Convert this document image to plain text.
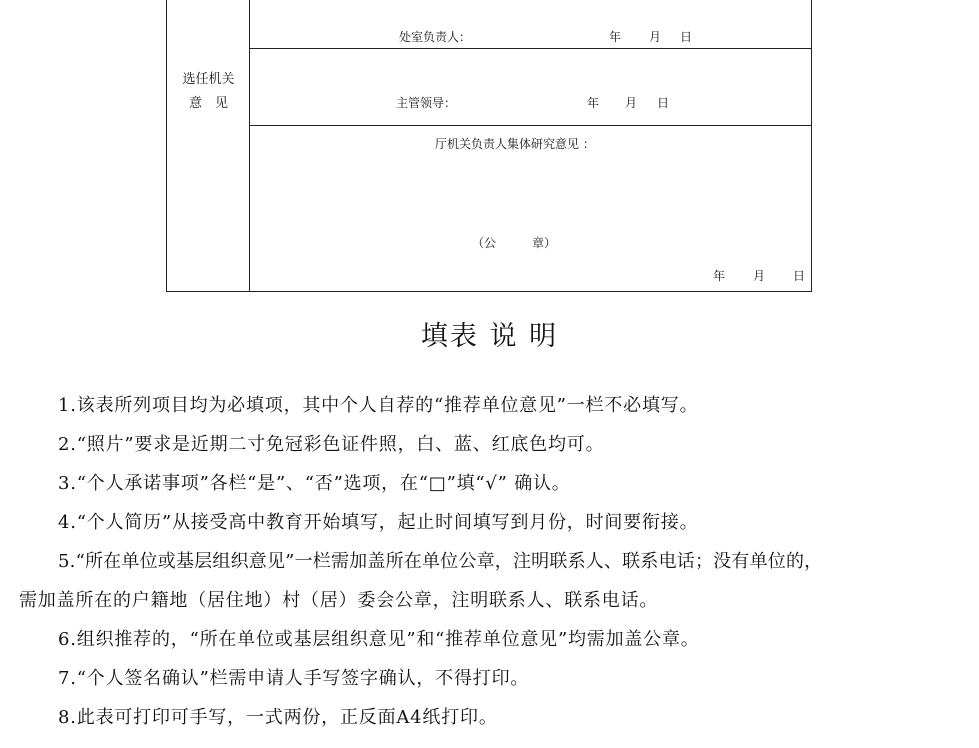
选任机关
意　见
处室负责人：	年 月 日
主管领导：	年 月 日
厅机关负责人集体研究意见 ：
（公　　　章）
年 月 日
填表 说 明
1.该表所列项目均为必填项，其中个人自荐的“推荐单位意见”一栏不必填写。
2.“照片”要求是近期二寸免冠彩色证件照，白、蓝、红底色均可。
3.“个人承诺事项”各栏“是”、“否”选项，在“□”填“√” 确认。
4.“个人简历”从接受高中教育开始填写，起止时间填写到月份，时间要衔接。
5.“所在单位或基层组织意见”一栏需加盖所在单位公章，注明联系人、联系电话；没有单位的，
需加盖所在的户籍地（居住地）村（居）委会公章，注明联系人、联系电话。
6.组织推荐的，“所在单位或基层组织意见”和“推荐单位意见”均需加盖公章。
7.“个人签名确认”栏需申请人手写签字确认，不得打印。
8.此表可打印可手写，一式两份，正反面A4纸打印。
